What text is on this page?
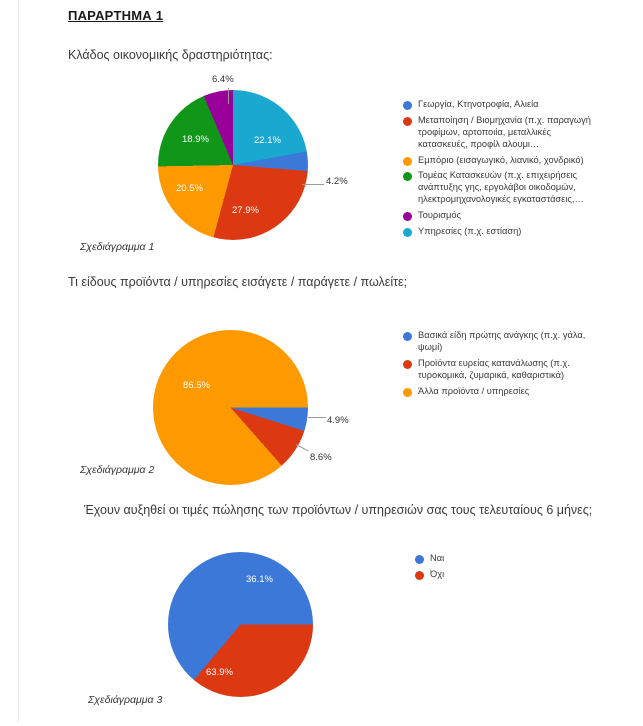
ΠΑΡΑΡΤΗΜΑ 1
Κλάδος οικονομικής δραστηριότητας:
22.1%
27.9%
20.5%
18.9%
6.4%
4.2%
Γεωργία, Κτηνοτροφία, Αλιεία
Μεταποίηση / Βιομηχανία (π.χ. παραγωγή τροφίμων, αρτοποιία, μεταλλικές κατασκευές, προφίλ αλουμι…
Εμπόριο (εισαγωγικό, λιανικό, χονδρικό)
Τομέας Κατασκευών (π.χ. επιχειρήσεις ανάπτυξης γης, εργολάβοι οικοδομών, ηλεκτρομηχανολογικές εγκαταστάσεις,…
Τουρισμός
Υπηρεσίες (π.χ. εστίαση)
Σχεδιάγραμμα 1
Τι είδους προϊόντα / υπηρεσίες εισάγετε / παράγετε / πωλείτε;
86.5%
4.9%
8.6%
Βασικά είδη πρώτης ανάγκης (π.χ. γάλα, ψωμί)
Προϊόντα ευρείας κατανάλωσης (π.χ. τυροκομικά, ζυμαρικά, καθαριστικά)
Άλλα προϊόντα / υπηρεσίες
Σχεδιάγραμμα 2
Έχουν αυξηθεί οι τιμές πώλησης των προϊόντων / υπηρεσιών σας τους τελευταίους 6 μήνες;
36.1%
63.9%
Ναι
Όχι
Σχεδιάγραμμα 3
